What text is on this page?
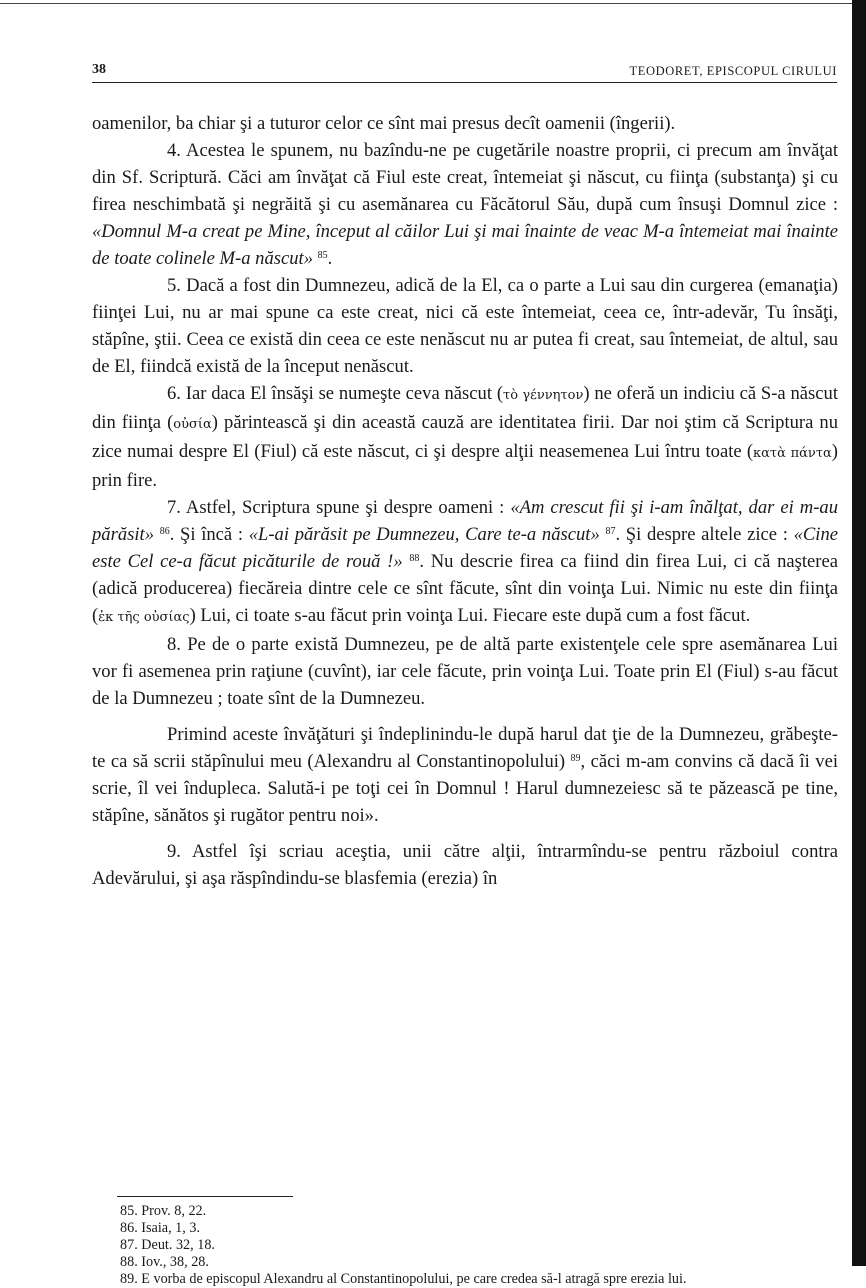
38	TEODORET, EPISCOPUL CIRULUI

oamenilor, ba chiar şi a tuturor celor ce sînt mai presus decît oamenii (îngerii).

4. Acestea le spunem, nu bazîndu-ne pe cugetările noastre proprii, ci precum am învăţat din Sf. Scriptură. Căci am învăţat că Fiul este creat, întemeiat şi născut, cu fiinţa (substanţa) şi cu firea neschimbată şi negrăită şi cu asemănarea cu Făcătorul Său, după cum însuşi Domnul zice : «Domnul M-a creat pe Mine, început al căilor Lui şi mai înainte de veac M-a întemeiat mai înainte de toate colinele M-a născut» $^{85}$.

5. Dacă a fost din Dumnezeu, adică de la El, ca o parte a Lui sau din curgerea (emanaţia) fiinţei Lui, nu ar mai spune ca este creat, nici că este întemeiat, ceea ce, într-adevăr, Tu însăţi, stăpîne, ştii. Ceea ce există din ceea ce este nenăscut nu ar putea fi creat, sau întemeiat, de altul, sau de El, fiindcă există de la început nenăscut.

6. Iar daca El însăşi se numeşte ceva născut (τὸ γέννητον) ne oferă un indiciu că S-a născut din fiinţa (οὐσία) părintească şi din această cauză are identitatea firii. Dar noi ştim că Scriptura nu zice numai despre El (Fiul) că este născut, ci şi despre alţii neasemenea Lui întru toate (κατὰ πάντα) prin fire.

7. Astfel, Scriptura spune şi despre oameni : «Am crescut fii şi i-am înălţat, dar ei m-au părăsit» $^{86}$. Şi încă : «L-ai părăsit pe Dumnezeu, Care te-a născut» $^{87}$. Şi despre altele zice : «Cine este Cel ce-a făcut picăturile de rouă !» $^{88}$. Nu descrie firea ca fiind din firea Lui, ci că naşterea (adică producerea) fiecăreia dintre cele ce sînt făcute, sînt din voinţa Lui. Nimic nu este din fiinţa (ἐκ τῆς οὐσίας) Lui, ci toate s-au făcut prin voinţa Lui. Fiecare este după cum a fost făcut.

8. Pe de o parte există Dumnezeu, pe de altă parte existenţele cele spre asemănarea Lui vor fi asemenea prin raţiune (cuvînt), iar cele făcute, prin voinţa Lui. Toate prin El (Fiul) s-au făcut de la Dumnezeu ; toate sînt de la Dumnezeu.

Primind aceste învăţături şi îndeplinindu-le după harul dat ţie de la Dumnezeu, grăbeşte-te ca să scrii stăpînului meu (Alexandru al Constantinopolului) $^{89}$, căci m-am convins că dacă îi vei scrie, îl vei îndupleca. Salută-i pe toţi cei în Domnul ! Harul dumnezeiesc să te păzească pe tine, stăpîne, sănătos şi rugător pentru noi».

9. Astfel îşi scriau aceştia, unii către alţii, întrarmîndu-se pentru războiul contra Adevărului, şi aşa răspîndindu-se blasfemia (erezia) în

85. Prov. 8, 22.
86. Isaia, 1, 3.
87. Deut. 32, 18.
88. Iov., 38, 28.
89. E vorba de episcopul Alexandru al Constantinopolului, pe care credea să-l atragă spre erezia lui.
